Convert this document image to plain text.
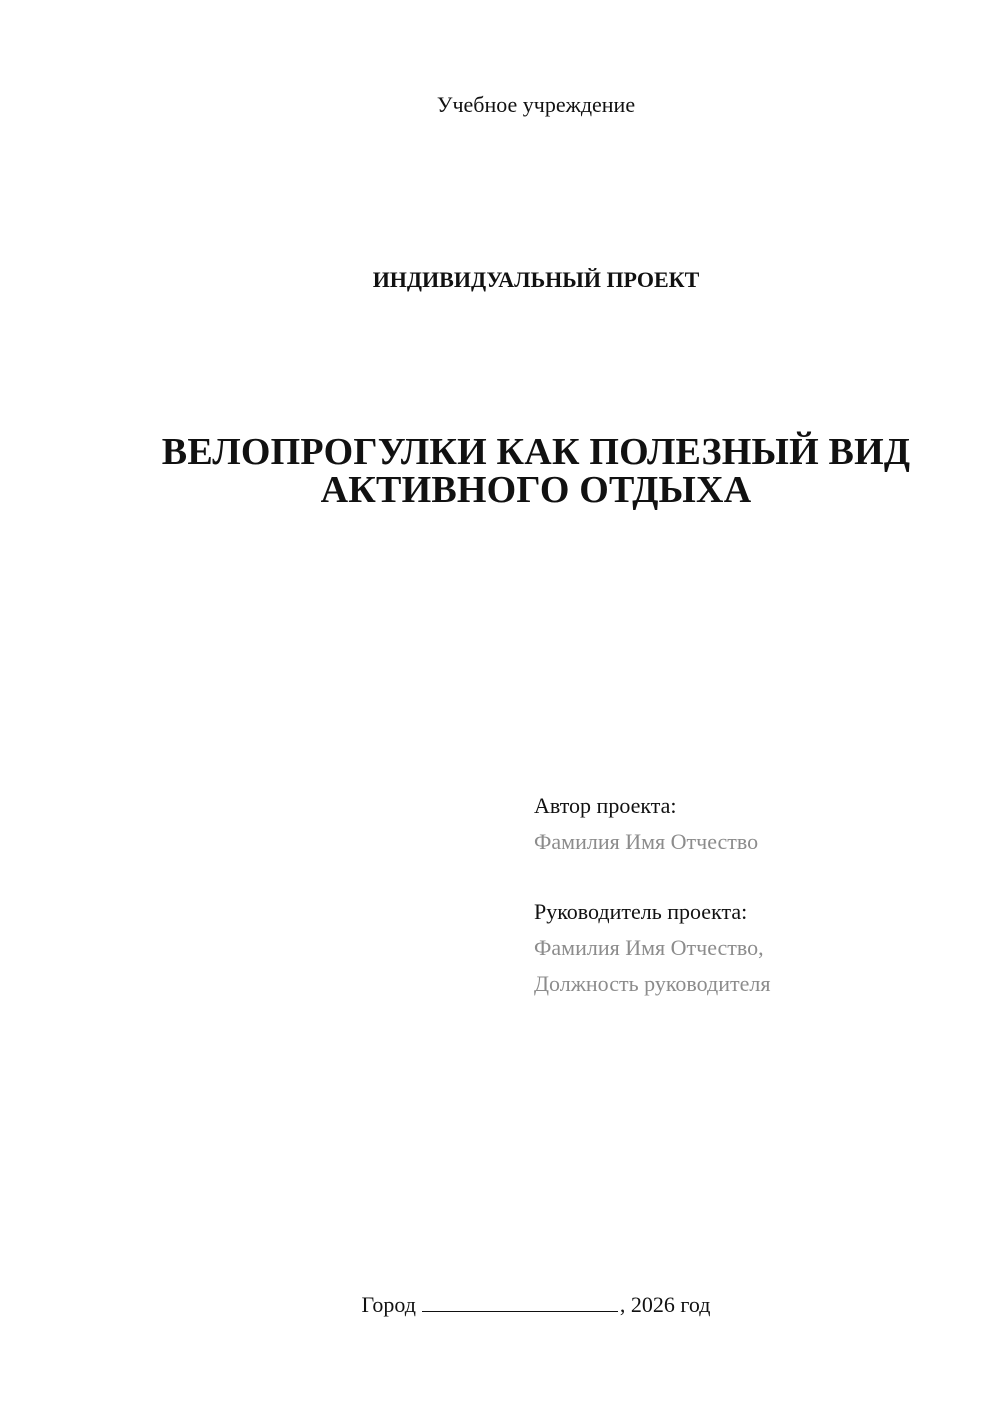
Учебное учреждение
ИНДИВИДУАЛЬНЫЙ ПРОЕКТ
ВЕЛОПРОГУЛКИ КАК ПОЛЕЗНЫЙ ВИД
АКТИВНОГО ОТДЫХА
Автор проекта:
Фамилия Имя Отчество
Руководитель проекта:
Фамилия Имя Отчество,
Должность руководителя
Город	, 2026 год
